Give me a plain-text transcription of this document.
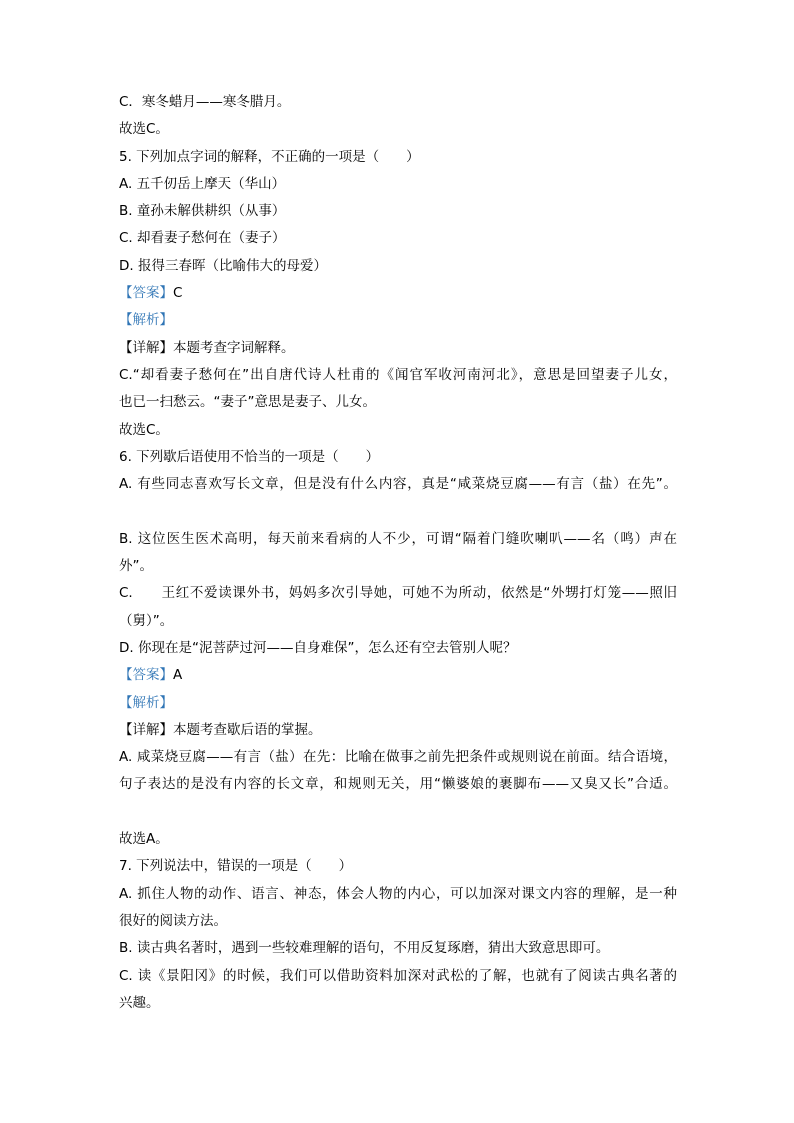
C．寒冬蜡月——寒冬腊月。
故选C。
5. 下列加点字词的解释，不正确的一项是（　　）
A. 五千仞岳上摩天（华山）
B. 童孙未解供耕织（从事）
C. 却看妻子愁何在（妻子）
D. 报得三春晖（比喻伟大的母爱）
【答案】C
【解析】
【详解】本题考查字词解释。
C.“却看妻子愁何在”出自唐代诗人杜甫的《闻官军收河南河北》，意思是回望妻子儿女，
也已一扫愁云。“妻子”意思是妻子、儿女。
故选C。
6. 下列歇后语使用不恰当的一项是（　　）
A. 有些同志喜欢写长文章，但是没有什么内容，真是“咸菜烧豆腐——有言（盐）在先”。
B. 这位医生医术高明，每天前来看病的人不少，可谓“隔着门缝吹喇叭——名（鸣）声在
外”。
C.　　王红不爱读课外书，妈妈多次引导她，可她不为所动，依然是“外甥打灯笼——照旧
（舅）”。
D. 你现在是“泥菩萨过河——自身难保”，怎么还有空去管别人呢？
【答案】A
【解析】
【详解】本题考查歇后语的掌握。
A. 咸菜烧豆腐——有言（盐）在先：比喻在做事之前先把条件或规则说在前面。结合语境，
句子表达的是没有内容的长文章，和规则无关，用“懒婆娘的裹脚布——又臭又长”合适。
故选A。
7. 下列说法中，错误的一项是（　　）
A. 抓住人物的动作、语言、神态，体会人物的内心，可以加深对课文内容的理解，是一种
很好的阅读方法。
B. 读古典名著时，遇到一些较难理解的语句，不用反复琢磨，猜出大致意思即可。
C. 读《景阳冈》的时候，我们可以借助资料加深对武松的了解，也就有了阅读古典名著的
兴趣。
